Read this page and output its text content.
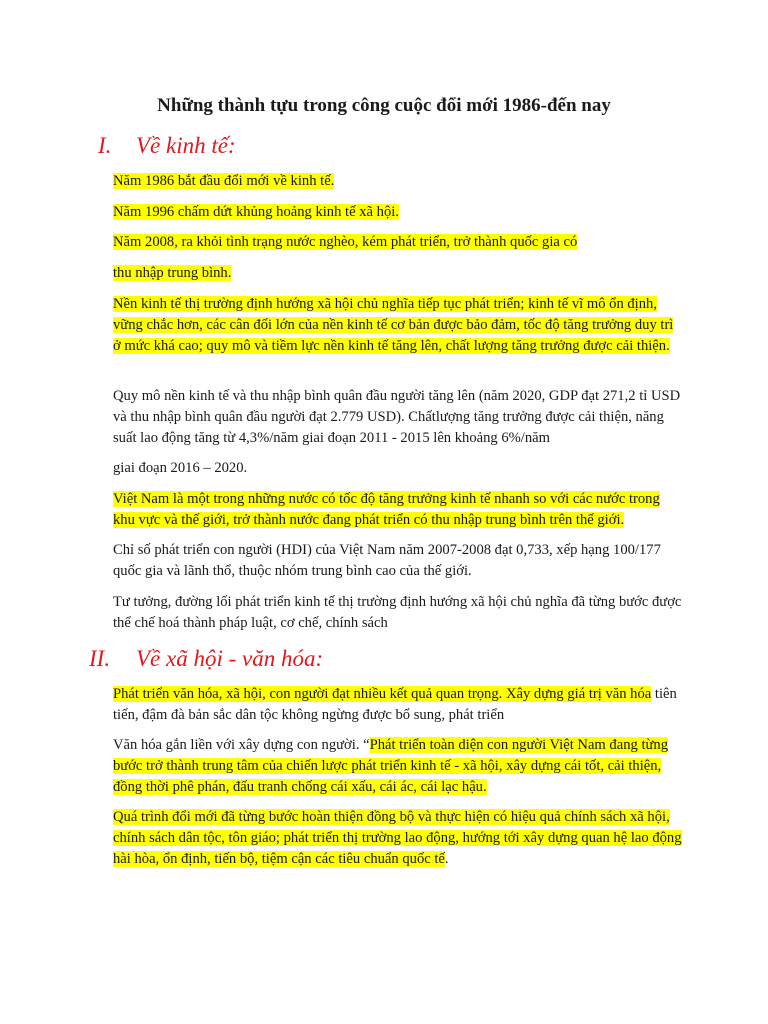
Những thành tựu trong công cuộc đổi mới 1986-đến nay
I. Về kinh tế:
Năm 1986 bắt đầu đổi mới về kinh tế.
Năm 1996 chấm dứt khủng hoảng kinh tế xã hội.
Năm 2008, ra khỏi tình trạng nước nghèo, kém phát triển, trở thành quốc gia có
thu nhập trung bình.
Nền kinh tế thị trường định hướng xã hội chủ nghĩa tiếp tục phát triển; kinh tế vĩ mô ổn định, vững chắc hơn, các cân đối lớn của nền kinh tế cơ bản được bảo đảm, tốc độ tăng trưởng duy trì ở mức khá cao; quy mô và tiềm lực nền kinh tế tăng lên, chất lượng tăng trưởng được cải thiện.
Quy mô nền kinh tế và thu nhập bình quân đầu người tăng lên (năm 2020, GDP đạt 271,2 tỉ USD và thu nhập bình quân đầu người đạt 2.779 USD). Chấtlượng tăng trưởng được cải thiện, năng suất lao động tăng từ 4,3%/năm giai đoạn 2011 - 2015 lên khoảng 6%/năm
giai đoạn 2016 – 2020.
Việt Nam là một trong những nước có tốc độ tăng trưởng kinh tế nhanh so với các nước trong khu vực và thế giới, trở thành nước đang phát triển có thu nhập trung bình trên thế giới.
Chỉ số phát triển con người (HDI) của Việt Nam năm 2007-2008 đạt 0,733, xếp hạng 100/177 quốc gia và lãnh thổ, thuộc nhóm trung bình cao của thế giới.
Tư tưởng, đường lối phát triển kinh tế thị trường định hướng xã hội chủ nghĩa đã từng bước được thể chế hoá thành pháp luật, cơ chế, chính sách
II. Về xã hội - văn hóa:
Phát triển văn hóa, xã hội, con người đạt nhiều kết quả quan trọng. Xây dựng giá trị văn hóa tiên tiến, đậm đà bản sắc dân tộc không ngừng được bổ sung, phát triển
Văn hóa gắn liền với xây dựng con người. “Phát triển toàn diện con người Việt Nam đang từng bước trở thành trung tâm của chiến lược phát triển kinh tế - xã hội, xây dựng cái tốt, cải thiện, đồng thời phê phán, đấu tranh chống cái xấu, cái ác, cái lạc hậu.
Quá trình đổi mới đã từng bước hoàn thiện đồng bộ và thực hiện có hiệu quả chính sách xã hội, chính sách dân tộc, tôn giáo; phát triển thị trường lao động, hướng tới xây dựng quan hệ lao động hài hòa, ổn định, tiến bộ, tiệm cận các tiêu chuẩn quốc tế.
